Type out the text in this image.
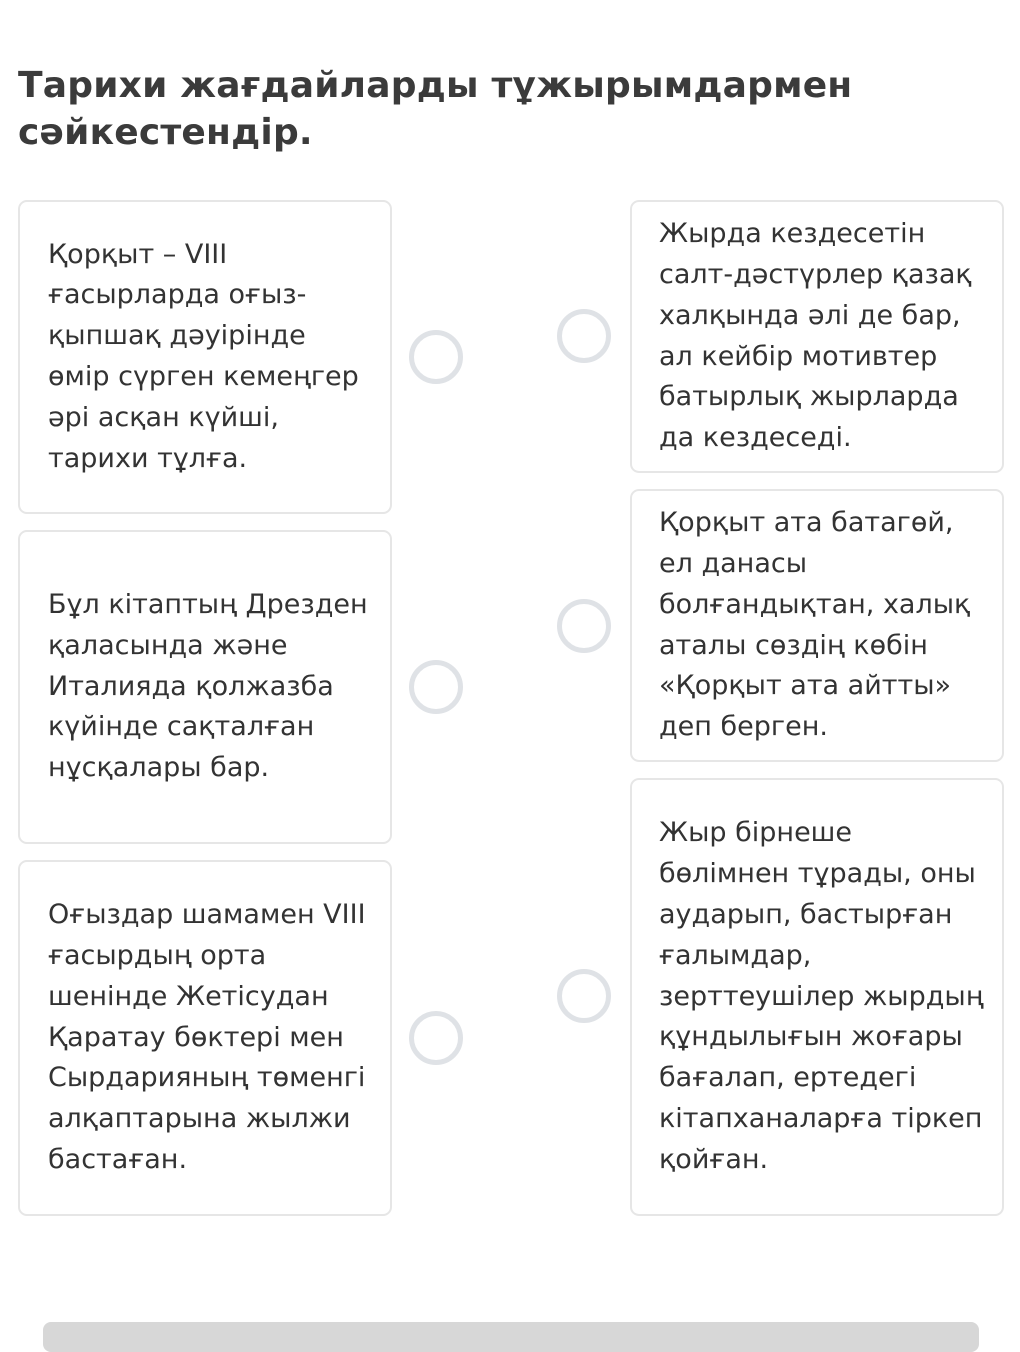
Тарихи жағдайларды тұжырымдармен сәйкестендір.
Қорқыт – VIII ғасырларда оғыз-қыпшақ дәуірінде өмір сүрген кемеңгер әрі асқан күйші, тарихи тұлға.
Бұл кітаптың Дрезден қаласында және Италияда қолжазба күйінде сақталған нұсқалары бар.
Оғыздар шамамен VIII ғасырдың орта шенінде Жетісудан Қаратау бөктері мен Сырдарияның төменгі алқаптарына жылжи бастаған.
Жырда кездесетін салт-дәстүрлер қазақ халқында әлі де бар, ал кейбір мотивтер батырлық жырларда да кездеседі.
Қорқыт ата батагөй, ел данасы болғандықтан, халық аталы сөздің көбін «Қорқыт ата айтты» деп берген.
Жыр бірнеше бөлімнен тұрады, оны аударып, бастырған ғалымдар, зерттеушілер жырдың құндылығын жоғары бағалап, ертедегі кітапханаларға тіркеп қойған.
